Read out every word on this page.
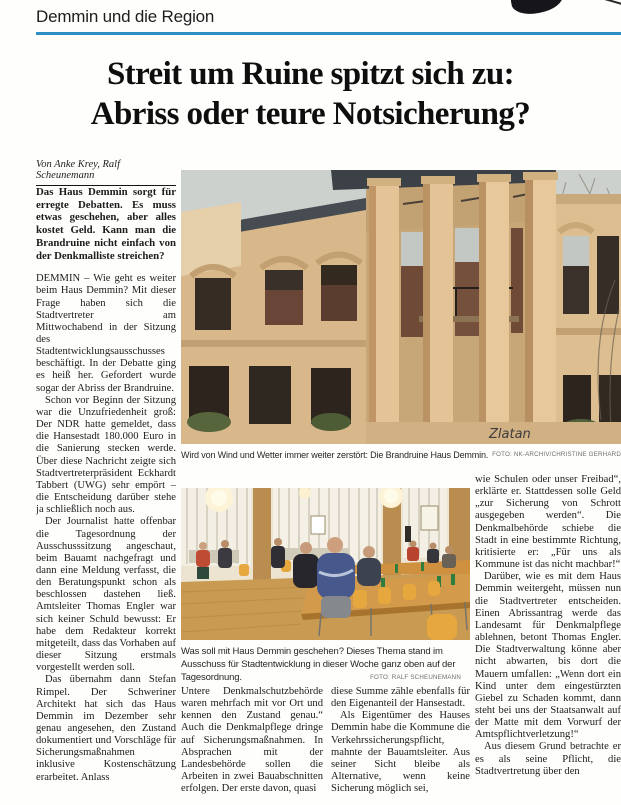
Demmin und die Region
Streit um Ruine spitzt sich zu:
Abriss oder teure Notsicherung?
Von Anke Krey, Ralf Scheunemann

Das Haus Demmin sorgt für erregte Debatten. Es muss etwas geschehen, aber alles kostet Geld. Kann man die Brandruine nicht einfach von der Denkmalliste streichen?

DEMMIN – Wie geht es weiter beim Haus Demmin? Mit dieser Frage haben sich die Stadtvertreter am Mittwochabend in der Sitzung des Stadtentwicklungsausschusses beschäftigt. In der Debatte ging es heiß her. Gefordert wurde sogar der Abriss der Brandruine.

Schon vor Beginn der Sitzung war die Unzufriedenheit groß: Der NDR hatte gemeldet, dass die Hansestadt 180.000 Euro in die Sanierung stecken werde. Über diese Nachricht zeigte sich Stadtvertreterpräsident Eckhardt Tabbert (UWG) sehr empört –die Entscheidung darüber stehe ja schließlich noch aus.

Der Journalist hatte offenbar die Tagesordnung der Ausschusssitzung angeschaut, beim Bauamt nachgefragt und dann eine Meldung verfasst, die den Beratungspunkt schon als beschlossen dastehen ließ. Amtsleiter Thomas Engler war sich keiner Schuld bewusst: Er habe dem Redakteur korrekt mitgeteilt, dass das Vorhaben auf dieser Sitzung erstmals vorgestellt werden soll.

Das übernahm dann Stefan Rimpel. Der Schweriner Architekt hat sich das Haus Demmin im Dezember sehr genau angesehen, den Zustand dokumentiert und Vorschläge für Sicherungsmaßnahmen inklusive Kostenschätzung erarbeitet. Anlass

Zlatan
Wird von Wind und Wetter immer weiter zerstört: Die Brandruine Haus Demmin. FOTO: NK-ARCHIV/CHRISTINE GERHARD
Was soll mit Haus Demmin geschehen? Dieses Thema stand im Ausschuss für Stadtentwicklung in dieser Woche ganz oben auf der Tagesordnung.	FOTO: RALF SCHEUNEMANN

Untere Denkmalschutzbehörde waren mehrfach mit vor Ort und kennen den Zustand genau.“ Auch die Denkmalpflege dringe auf Sicherungsmaßnahmen. In Absprachen mit der Landesbehörde sollen die Arbeiten in zwei Bauabschnitten erfolgen. Der erste davon, quasi

diese Summe zähle ebenfalls für den Eigenanteil der Hansestadt.

Als Eigentümer des Hauses Demmin habe die Kommune die Verkehrssicherungspflicht, mahnte der Bauamtsleiter. Aus seiner Sicht bleibe als Alternative, wenn keine Sicherung möglich sei,

wie Schulen oder unser Freibad“, erklärte er. Stattdessen solle Geld „zur Sicherung von Schrott ausgegeben werden“. Die Denkmalbehörde schiebe die Stadt in eine bestimmte Richtung, kritisierte er: „Für uns als Kommune ist das nicht machbar!“

Darüber, wie es mit dem Haus Demmin weitergeht, müssen nun die Stadtvertreter entscheiden. Einen Abrissantrag werde das Landesamt für Denkmalpflege ablehnen, betont Thomas Engler. Die Stadtverwaltung könne aber nicht abwarten, bis dort die Mauern umfallen: „Wenn dort ein Kind unter dem eingestürzten Giebel zu Schaden kommt, dann steht bei uns der Staatsanwalt auf der Matte mit dem Vorwurf der Amtspflichtverletzung!“

Aus diesem Grund betrachte er es als seine Pflicht, die Stadtvertretung über den
